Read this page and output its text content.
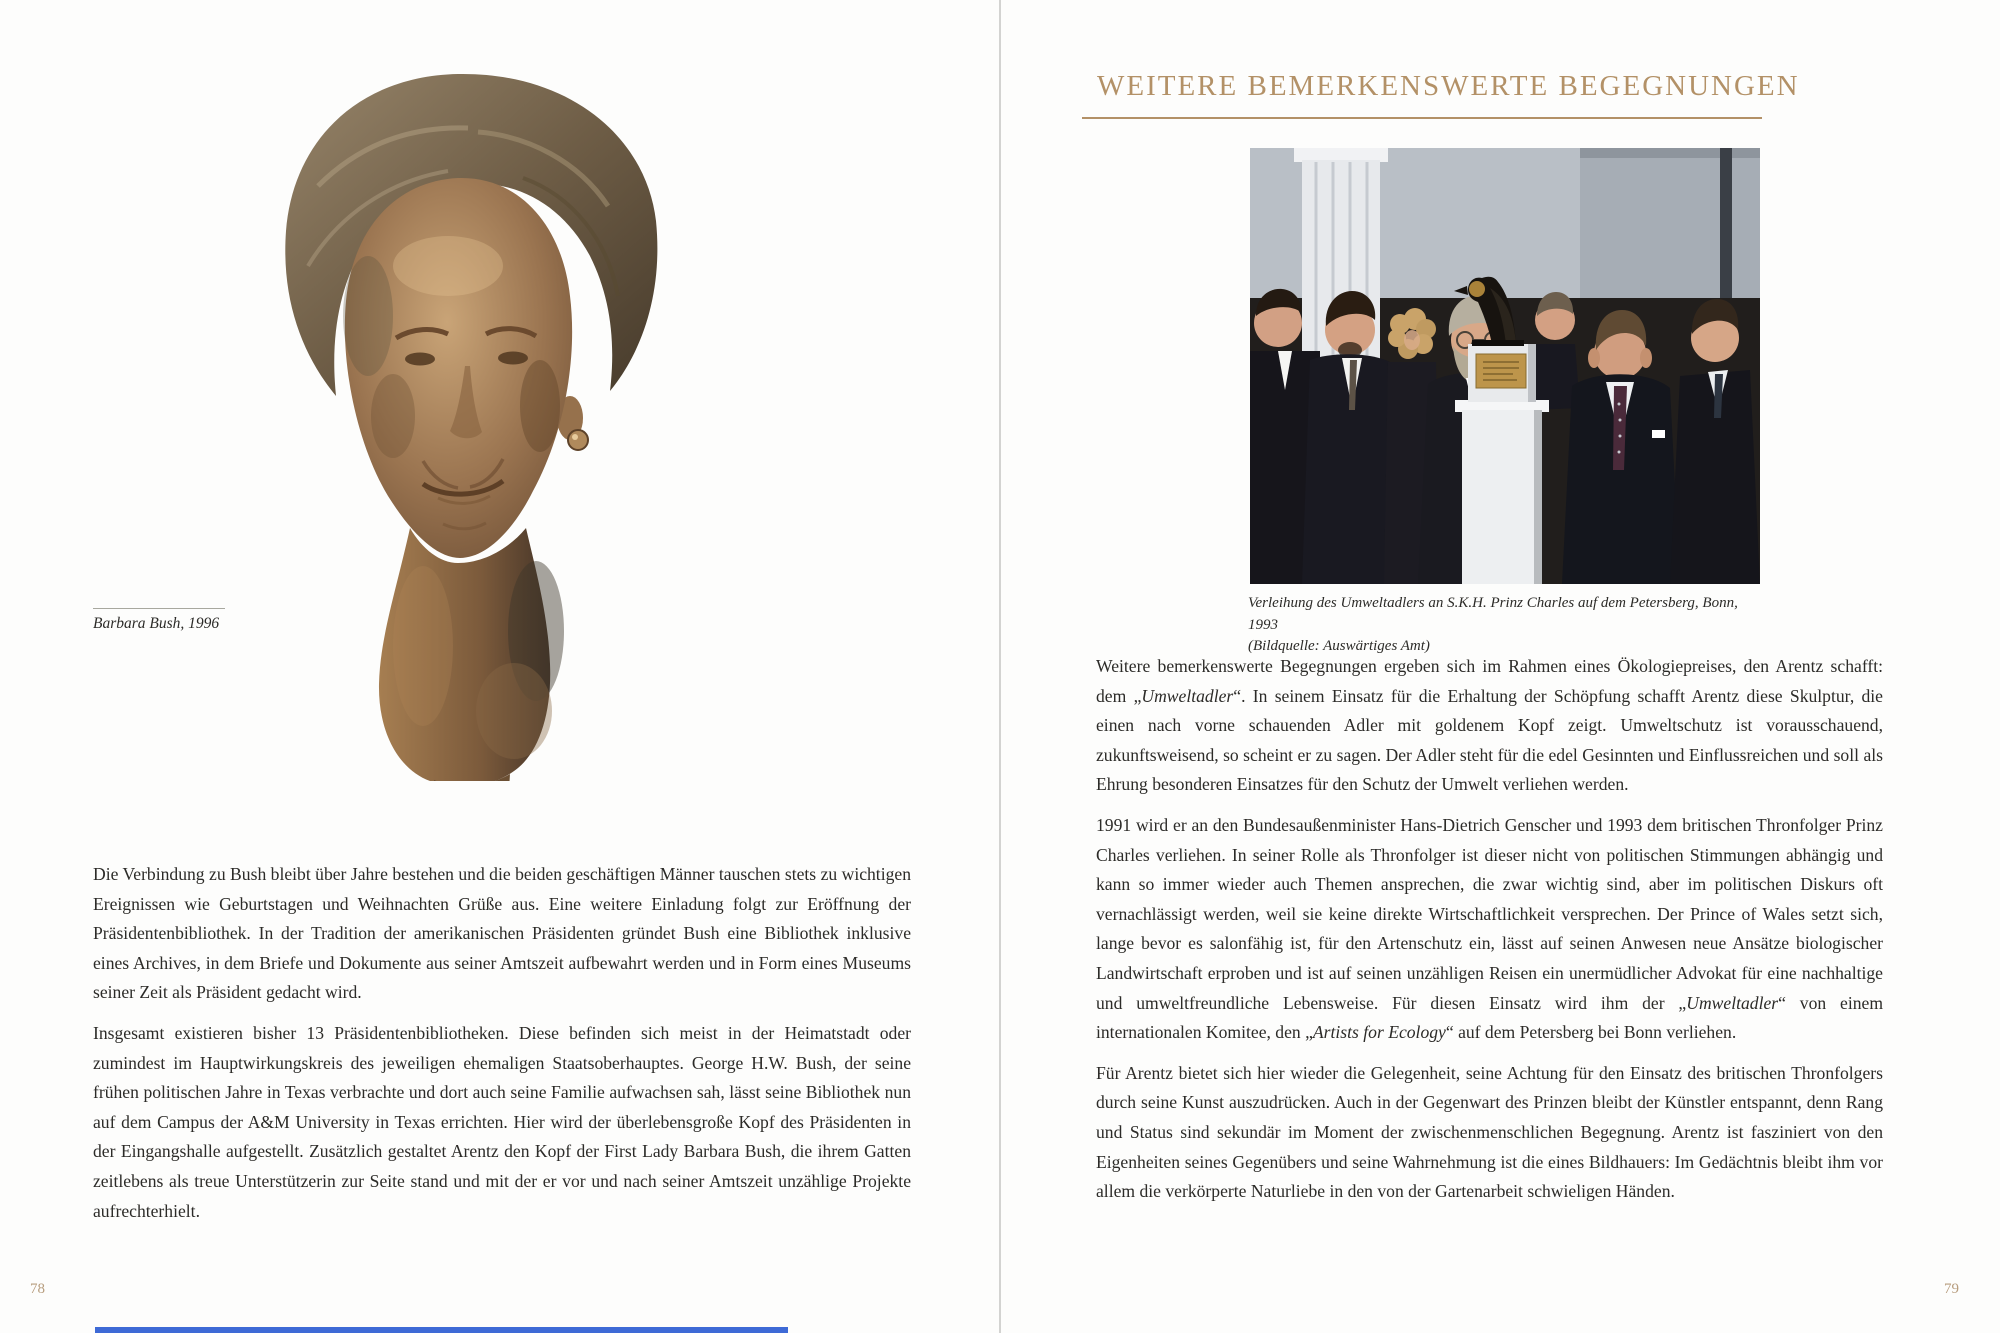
Barbara Bush, 1996

Die Verbindung zu Bush bleibt über Jahre bestehen und die beiden geschäftigen Männer tauschen stets zu wichtigen Ereignissen wie Geburtstagen und Weihnachten Grüße aus. Eine weitere Einladung folgt zur Eröffnung der Präsidentenbibliothek. In der Tradition der amerikanischen Präsidenten gründet Bush eine Bibliothek inklusive eines Archives, in dem Briefe und Dokumente aus seiner Amtszeit aufbewahrt werden und in Form eines Museums seiner Zeit als Präsident gedacht wird.

Insgesamt existieren bisher 13 Präsidentenbibliotheken. Diese befinden sich meist in der Heimatstadt oder zumindest im Hauptwirkungskreis des jeweiligen ehemaligen Staatsoberhauptes. George H.W. Bush, der seine frühen politischen Jahre in Texas verbrachte und dort auch seine Familie aufwachsen sah, lässt seine Bibliothek nun auf dem Campus der A&M University in Texas errichten. Hier wird der überlebensgroße Kopf des Präsidenten in der Eingangshalle aufgestellt. Zusätzlich gestaltet Arentz den Kopf der First Lady Barbara Bush, die ihrem Gatten zeitlebens als treue Unterstützerin zur Seite stand und mit der er vor und nach seiner Amtszeit unzählige Projekte aufrechterhielt.

78
WEITERE BEMERKENSWERTE BEGEGNUNGEN
Verleihung des Umweltadlers an S.K.H. Prinz Charles auf dem Petersberg, Bonn, 1993
(Bildquelle: Auswärtiges Amt)

Weitere bemerkenswerte Begegnungen ergeben sich im Rahmen eines Ökologiepreises, den Arentz schafft: dem „Umweltadler“. In seinem Einsatz für die Erhaltung der Schöpfung schafft Arentz diese Skulptur, die einen nach vorne schauenden Adler mit goldenem Kopf zeigt. Umweltschutz ist vorausschauend, zukunftsweisend, so scheint er zu sagen. Der Adler steht für die edel Gesinnten und Einflussreichen und soll als Ehrung besonderen Einsatzes für den Schutz der Umwelt verliehen werden.

1991 wird er an den Bundesaußenminister Hans-Dietrich Genscher und 1993 dem britischen Thronfolger Prinz Charles verliehen. In seiner Rolle als Thronfolger ist dieser nicht von politischen Stimmungen abhängig und kann so immer wieder auch Themen ansprechen, die zwar wichtig sind, aber im politischen Diskurs oft vernachlässigt werden, weil sie keine direkte Wirtschaftlichkeit versprechen. Der Prince of Wales setzt sich, lange bevor es salonfähig ist, für den Artenschutz ein, lässt auf seinen Anwesen neue Ansätze biologischer Landwirtschaft erproben und ist auf seinen unzähligen Reisen ein unermüdlicher Advokat für eine nachhaltige und umweltfreundliche Lebensweise. Für diesen Einsatz wird ihm der „Umweltadler“ von einem internationalen Komitee, den „Artists for Ecology“ auf dem Petersberg bei Bonn verliehen.

Für Arentz bietet sich hier wieder die Gelegenheit, seine Achtung für den Einsatz des britischen Thronfolgers durch seine Kunst auszudrücken. Auch in der Gegenwart des Prinzen bleibt der Künstler entspannt, denn Rang und Status sind sekundär im Moment der zwischenmenschlichen Begegnung. Arentz ist fasziniert von den Eigenheiten seines Gegenübers und seine Wahrnehmung ist die eines Bildhauers: Im Gedächtnis bleibt ihm vor allem die verkörperte Naturliebe in den von der Gartenarbeit schwieligen Händen.

79
